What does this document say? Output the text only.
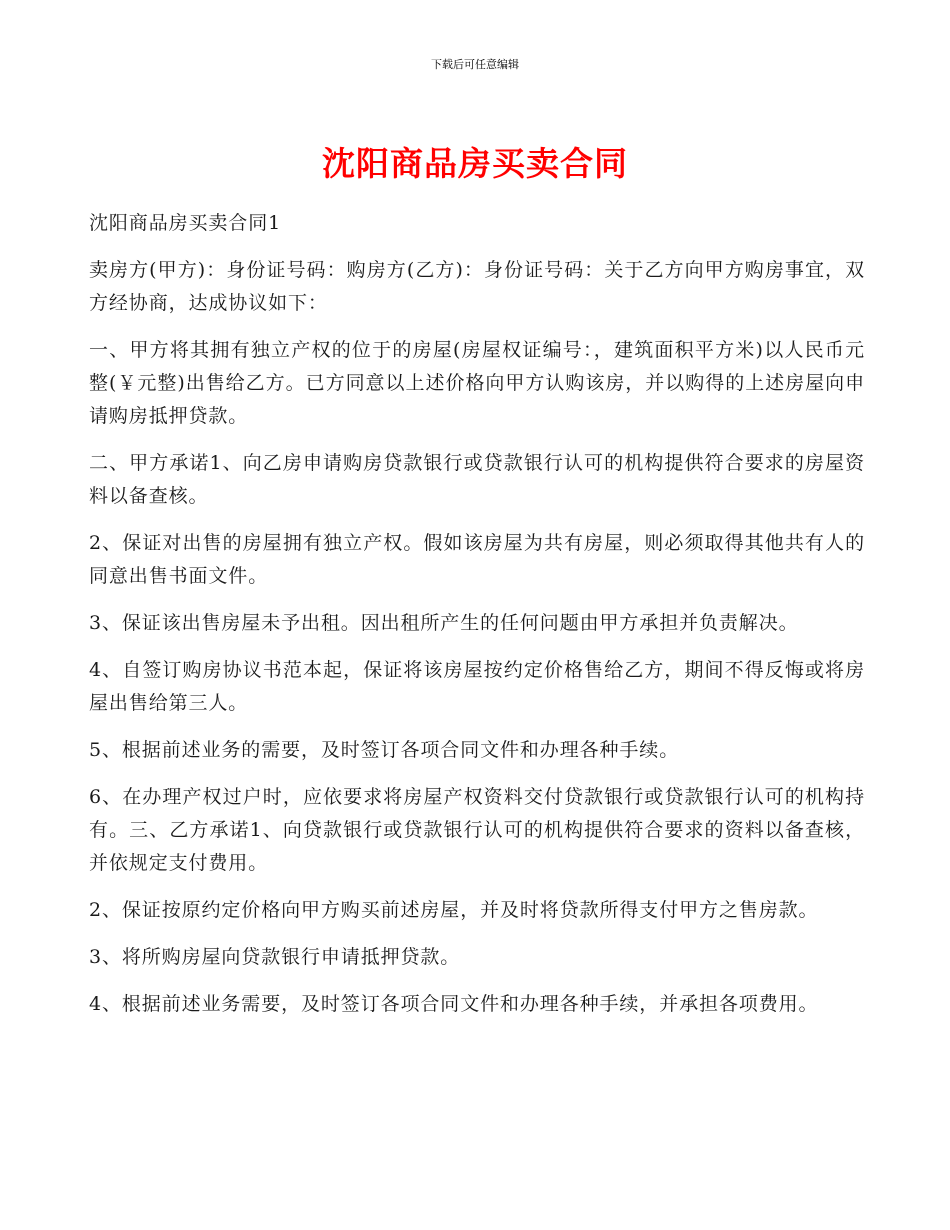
下载后可任意编辑
沈阳商品房买卖合同

沈阳商品房买卖合同1

卖房方(甲方)：身份证号码：购房方(乙方)：身份证号码：关于乙方向甲方购房事宜，双方经协商，达成协议如下：

一、甲方将其拥有独立产权的位于的房屋(房屋权证编号：，建筑面积平方米)以人民币元整(￥元整)出售给乙方。已方同意以上述价格向甲方认购该房，并以购得的上述房屋向申请购房抵押贷款。

二、甲方承诺1、向乙房申请购房贷款银行或贷款银行认可的机构提供符合要求的房屋资料以备查核。

2、保证对出售的房屋拥有独立产权。假如该房屋为共有房屋，则必须取得其他共有人的同意出售书面文件。

3、保证该出售房屋未予出租。因出租所产生的任何问题由甲方承担并负责解决。

4、自签订购房协议书范本起，保证将该房屋按约定价格售给乙方，期间不得反悔或将房屋出售给第三人。

5、根据前述业务的需要，及时签订各项合同文件和办理各种手续。

6、在办理产权过户时，应依要求将房屋产权资料交付贷款银行或贷款银行认可的机构持有。三、乙方承诺1、向贷款银行或贷款银行认可的机构提供符合要求的资料以备查核，并依规定支付费用。

2、保证按原约定价格向甲方购买前述房屋，并及时将贷款所得支付甲方之售房款。

3、将所购房屋向贷款银行申请抵押贷款。

4、根据前述业务需要，及时签订各项合同文件和办理各种手续，并承担各项费用。
